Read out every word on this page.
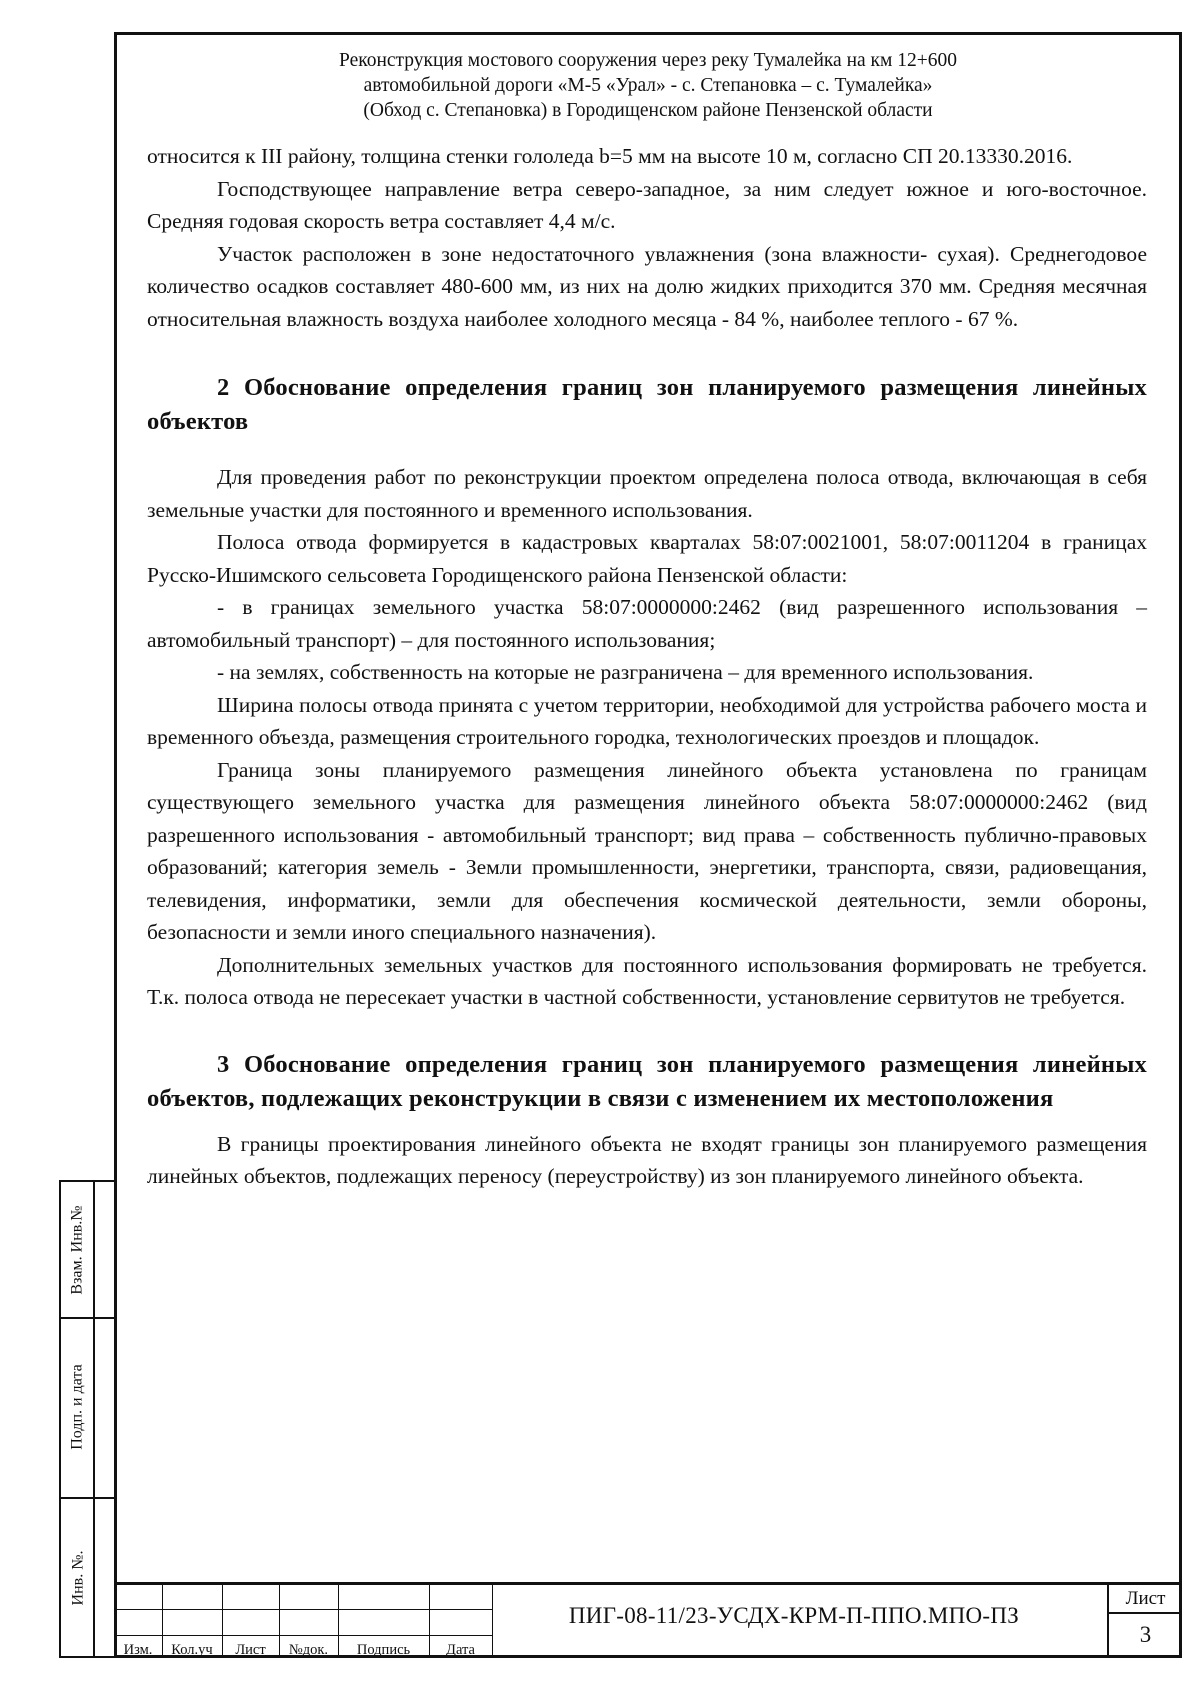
Реконструкция мостового сооружения через реку Тумалейка на км 12+600
автомобильной дороги «М-5 «Урал» - с. Степановка – с. Тумалейка»
(Обход с. Степановка) в Городищенском районе Пензенской области

относится к III району, толщина стенки гололеда b=5 мм на высоте 10 м, согласно СП 20.13330.2016.

Господствующее направление ветра северо-западное, за ним следует южное и юго-восточное. Средняя годовая скорость ветра составляет 4,4 м/с.

Участок расположен в зоне недостаточного увлажнения (зона влажности- сухая). Среднегодовое количество осадков составляет 480-600 мм, из них на долю жидких приходится 370 мм. Средняя месячная относительная влажность воздуха наиболее холодного месяца - 84 %, наиболее теплого - 67 %.

2 Обоснование определения границ зон планируемого размещения линейных объектов

Для проведения работ по реконструкции проектом определена полоса отвода, включающая в себя земельные участки для постоянного и временного использования.

Полоса отвода формируется в кадастровых кварталах 58:07:0021001, 58:07:0011204 в границах Русско-Ишимского сельсовета Городищенского района Пензенской области:

- в границах земельного участка 58:07:0000000:2462 (вид разрешенного использования – автомобильный транспорт) – для постоянного использования;

- на землях, собственность на которые не разграничена – для временного использования.

Ширина полосы отвода принята с учетом территории, необходимой для устройства рабочего моста и временного объезда, размещения строительного городка, технологических проездов и площадок.

Граница зоны планируемого размещения линейного объекта установлена по границам существующего земельного участка для размещения линейного объекта 58:07:0000000:2462 (вид разрешенного использования - автомобильный транспорт; вид права – собственность публично-правовых образований; категория земель - Земли промышленности, энергетики, транспорта, связи, радиовещания, телевидения, информатики, земли для обеспечения космической деятельности, земли обороны, безопасности и земли иного специального назначения).

Дополнительных земельных участков для постоянного использования формировать не требуется. Т.к. полоса отвода не пересекает участки в частной собственности, установление сервитутов не требуется.

3 Обоснование определения границ зон планируемого размещения линейных объектов, подлежащих реконструкции в связи с изменением их местоположения

В границы проектирования линейного объекта не входят границы зон планируемого размещения линейных объектов, подлежащих переносу (переустройству) из зон планируемого линейного объекта.

Взам. Инв.№
Подп. и дата
Инв. №.
Изм.	Кол.уч	Лист	№док.	Подпись	Дата
ПИГ-08-11/23-УСДХ-КРМ-П-ППО.МПО-ПЗ
Лист
3
